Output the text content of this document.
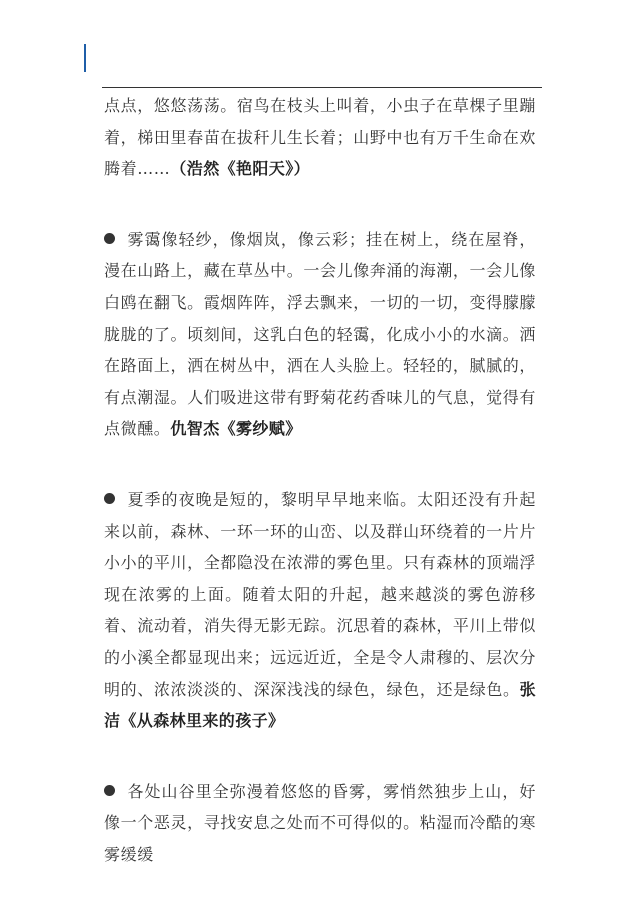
点点，悠悠荡荡。宿鸟在枝头上叫着，小虫子在草棵子里蹦着，梯田里春苗在拔秆儿生长着；山野中也有万千生命在欢腾着……（浩然《艳阳天》）

雾霭像轻纱，像烟岚，像云彩；挂在树上，绕在屋脊，漫在山路上，藏在草丛中。一会儿像奔涌的海潮，一会儿像白鸥在翻飞。霞烟阵阵，浮去飘来，一切的一切，变得朦朦胧胧的了。顷刻间，这乳白色的轻霭，化成小小的水滴。洒在路面上，洒在树丛中，洒在人头脸上。轻轻的，腻腻的，有点潮湿。人们吸进这带有野菊花药香味儿的气息，觉得有点微醺。仇智杰《雾纱赋》

夏季的夜晚是短的，黎明早早地来临。太阳还没有升起来以前，森林、一环一环的山峦、以及群山环绕着的一片片小小的平川，全都隐没在浓滞的雾色里。只有森林的顶端浮现在浓雾的上面。随着太阳的升起，越来越淡的雾色游移着、流动着，消失得无影无踪。沉思着的森林，平川上带似的小溪全都显现出来；远远近近，全是令人肃穆的、层次分明的、浓浓淡淡的、深深浅浅的绿色，绿色，还是绿色。张洁《从森林里来的孩子》

各处山谷里全弥漫着悠悠的昏雾，雾悄然独步上山，好像一个恶灵，寻找安息之处而不可得似的。粘湿而冷酷的寒雾缓缓
